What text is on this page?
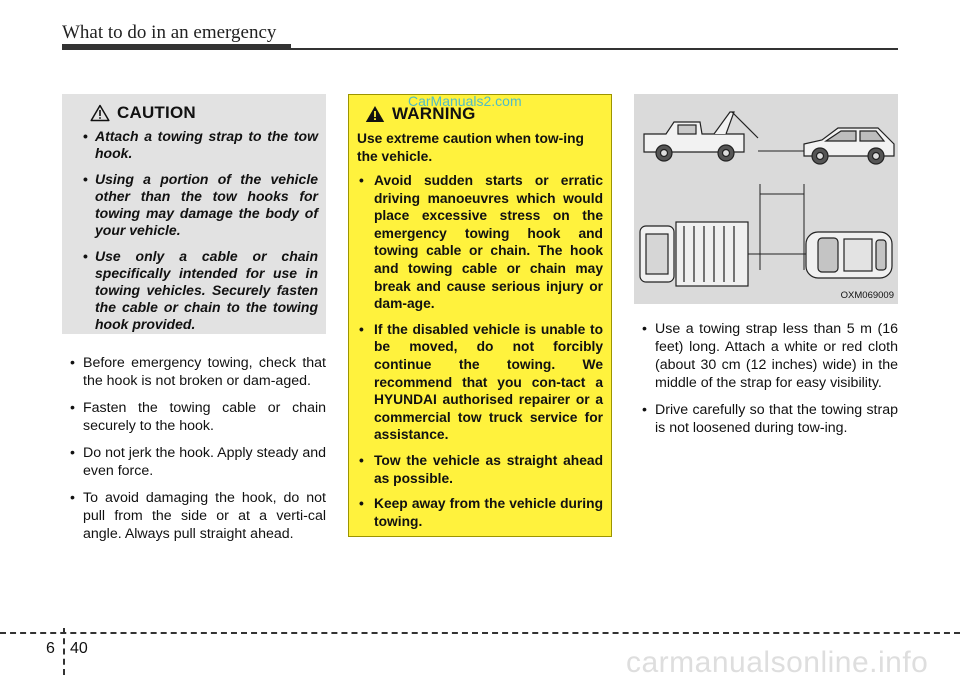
What to do in an emergency
CAUTION
• Attach a towing strap to the tow hook.
• Using a portion of the vehicle other than the tow hooks for towing may damage the body of your vehicle.
• Use only a cable or chain specifically intended for use in towing vehicles. Securely fasten the cable or chain to the towing hook provided.
• Before emergency towing, check that the hook is not broken or dam-aged.
• Fasten the towing cable or chain securely to the hook.
• Do not jerk the hook. Apply steady and even force.
• To avoid damaging the hook, do not pull from the side or at a verti-cal angle. Always pull straight ahead.
WARNING
Use extreme caution when tow-ing the vehicle.
• Avoid sudden starts or erratic driving manoeuvres which would place excessive stress on the emergency towing hook and towing cable or chain. The hook and towing cable or chain may break and cause serious injury or dam-age.
• If the disabled vehicle is unable to be moved, do not forcibly continue the towing. We recommend that you con-tact a HYUNDAI authorised repairer or a commercial tow truck service for assistance.
• Tow the vehicle as straight ahead as possible.
• Keep away from the vehicle during towing.
CarManuals2.com
OXM069009
• Use a towing strap less than 5 m (16 feet) long. Attach a white or red cloth (about 30 cm (12 inches) wide) in the middle of the strap for easy visibility.
• Drive carefully so that the towing strap is not loosened during tow-ing.
6 40	carmanualsonline.info
